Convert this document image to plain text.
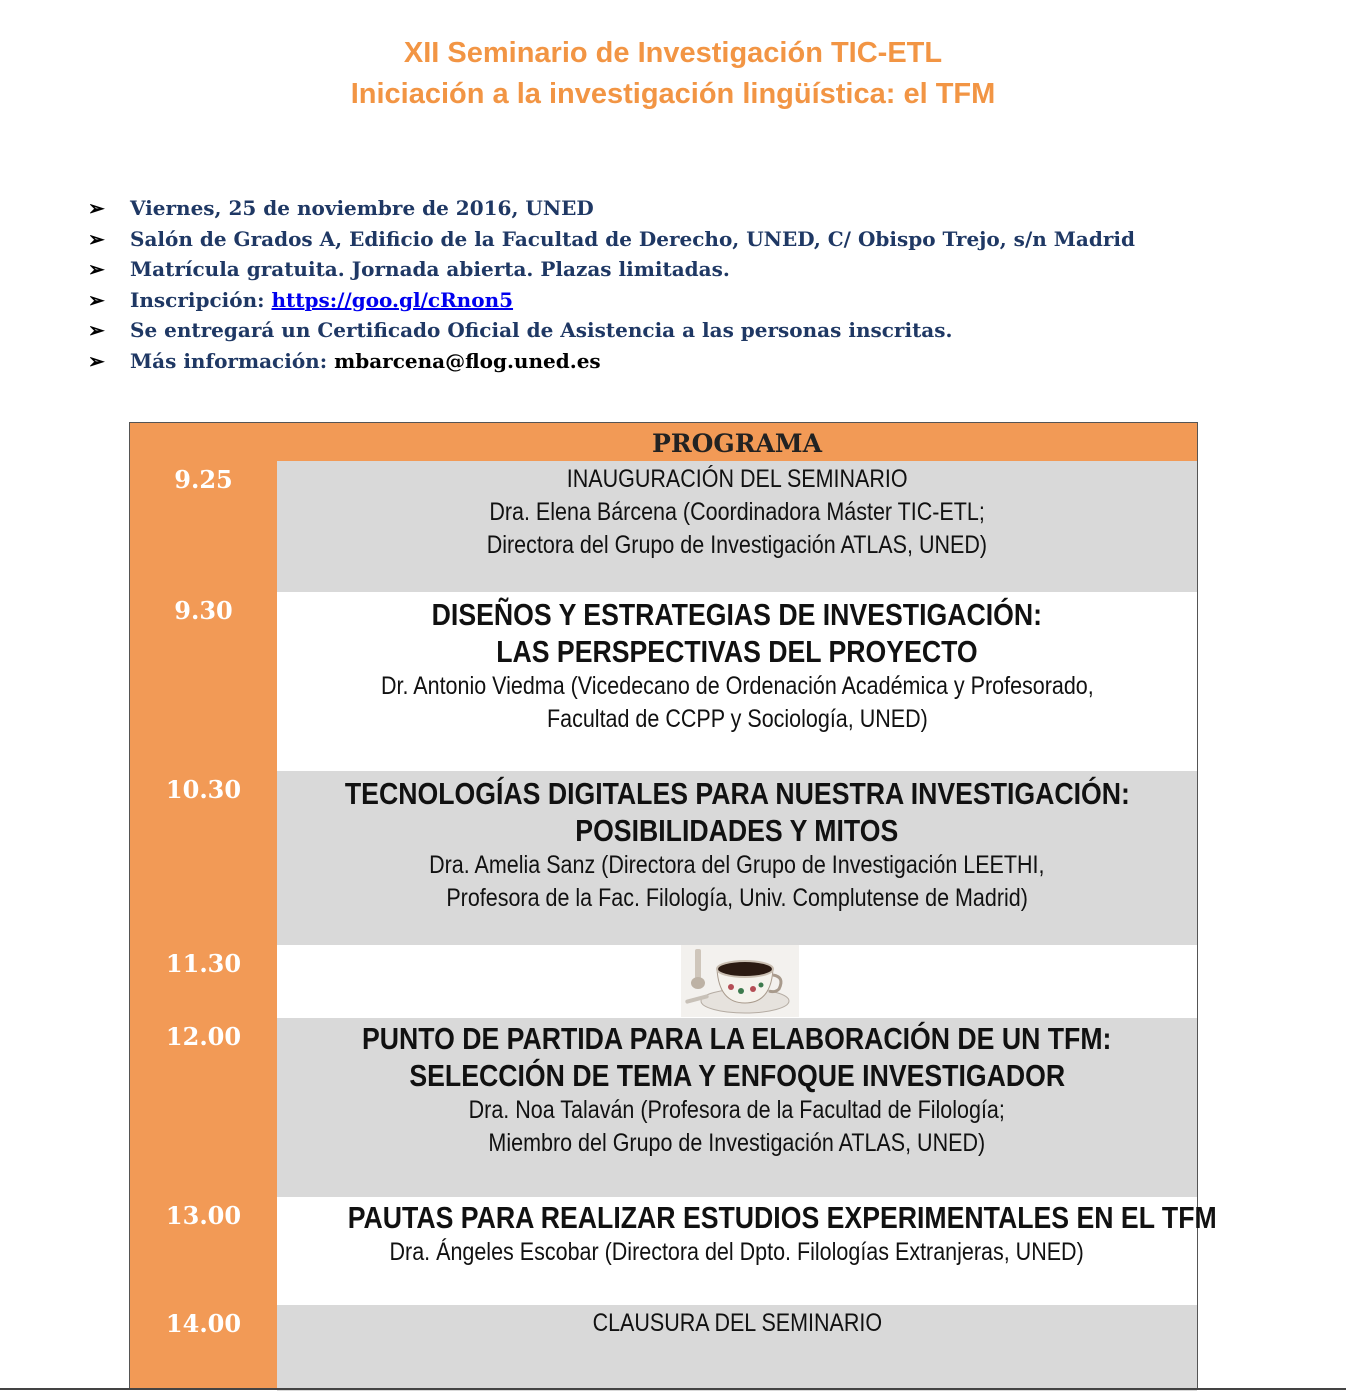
XII Seminario de Investigación TIC-ETL
Iniciación a la investigación lingüística: el TFM
➢	Viernes, 25 de noviembre de 2016, UNED
➢	Salón de Grados A, Edificio de la Facultad de Derecho, UNED, C/ Obispo Trejo, s/n Madrid
➢	Matrícula gratuita. Jornada abierta. Plazas limitadas.
➢	Inscripción: https://goo.gl/cRnon5
➢	Se entregará un Certificado Oficial de Asistencia a las personas inscritas.
➢	Más información: mbarcena@flog.uned.es
PROGRAMA
9.25	INAUGURACIÓN DEL SEMINARIO
Dra. Elena Bárcena (Coordinadora Máster TIC-ETL;
Directora del Grupo de Investigación ATLAS, UNED)
9.30	DISEÑOS Y ESTRATEGIAS DE INVESTIGACIÓN:
LAS PERSPECTIVAS DEL PROYECTO
Dr. Antonio Viedma (Vicedecano de Ordenación Académica y Profesorado,
Facultad de CCPP y Sociología, UNED)
10.30	TECNOLOGÍAS DIGITALES PARA NUESTRA INVESTIGACIÓN:
POSIBILIDADES Y MITOS
Dra. Amelia Sanz (Directora del Grupo de Investigación LEETHI,
Profesora de la Fac. Filología, Univ. Complutense de Madrid)
11.30
12.00	PUNTO DE PARTIDA PARA LA ELABORACIÓN DE UN TFM:
SELECCIÓN DE TEMA Y ENFOQUE INVESTIGADOR
Dra. Noa Talaván (Profesora de la Facultad de Filología;
Miembro del Grupo de Investigación ATLAS, UNED)
13.00	PAUTAS PARA REALIZAR ESTUDIOS EXPERIMENTALES EN EL TFM
Dra. Ángeles Escobar (Directora del Dpto. Filologías Extranjeras, UNED)
14.00	CLAUSURA DEL SEMINARIO
